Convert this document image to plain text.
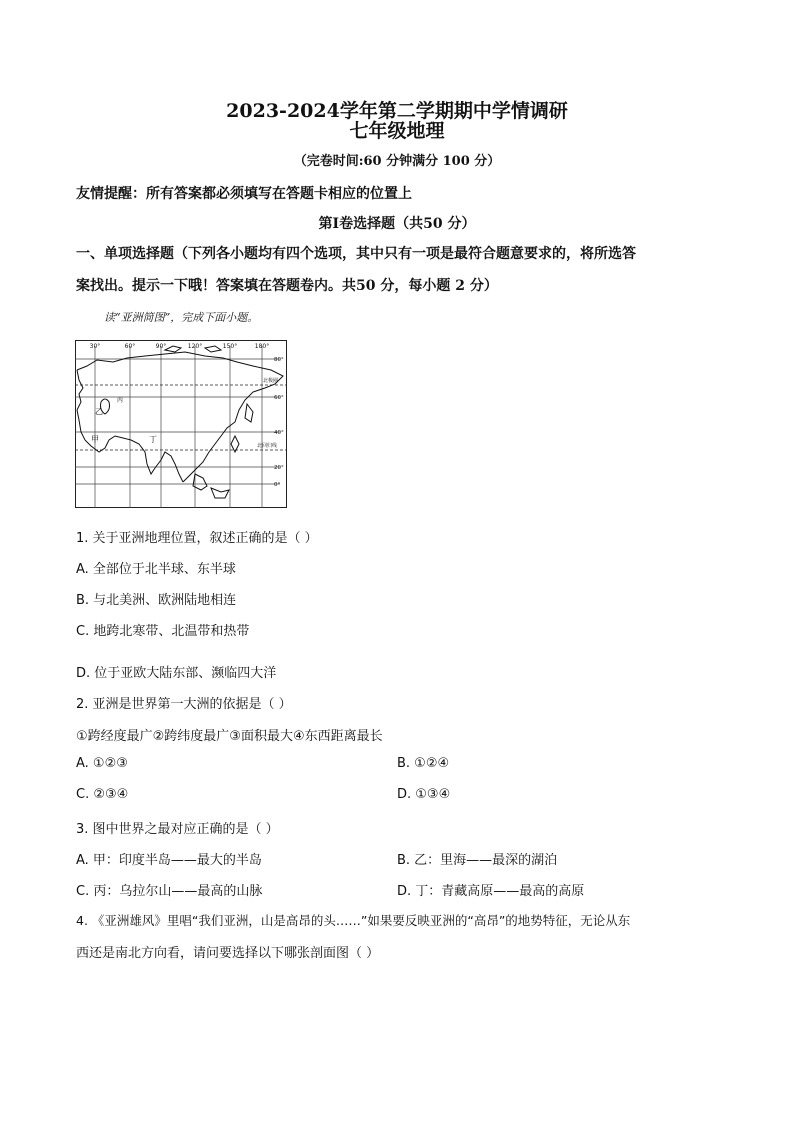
2023-2024学年第二学期期中学情调研
七年级地理
（完卷时间:60 分钟满分 100 分）
友情提醒：所有答案都必须填写在答题卡相应的位置上
第Ⅰ卷选择题（共50 分）
一、单项选择题（下列各小题均有四个选项，其中只有一项是最符合题意要求的，将所选答
案找出。提示一下哦！答案填在答题卷内。共50 分，每小题 2 分）
读“亚洲简图”，完成下面小题。
30°	60°	90°	120°	150°	180°
80°
60°
40°
20°
0°
北极圈
北回归线
甲
乙
丙
丁
1. 关于亚洲地理位置，叙述正确的是（ ）
A. 全部位于北半球、东半球
B. 与北美洲、欧洲陆地相连
C. 地跨北寒带、北温带和热带
D. 位于亚欧大陆东部、濒临四大洋
2. 亚洲是世界第一大洲的依据是（ ）
①跨经度最广②跨纬度最广③面积最大④东西距离最长
A. ①②③	B. ①②④
C. ②③④	D. ①③④
3. 图中世界之最对应正确的是（ ）
A. 甲：印度半岛——最大的半岛	B. 乙：里海——最深的湖泊
C. 丙：乌拉尔山——最高的山脉	D. 丁：青藏高原——最高的高原
4. 《亚洲雄风》里唱“我们亚洲，山是高昂的头……”如果要反映亚洲的“高昂”的地势特征，无论从东
西还是南北方向看，请问要选择以下哪张剖面图（ ）
